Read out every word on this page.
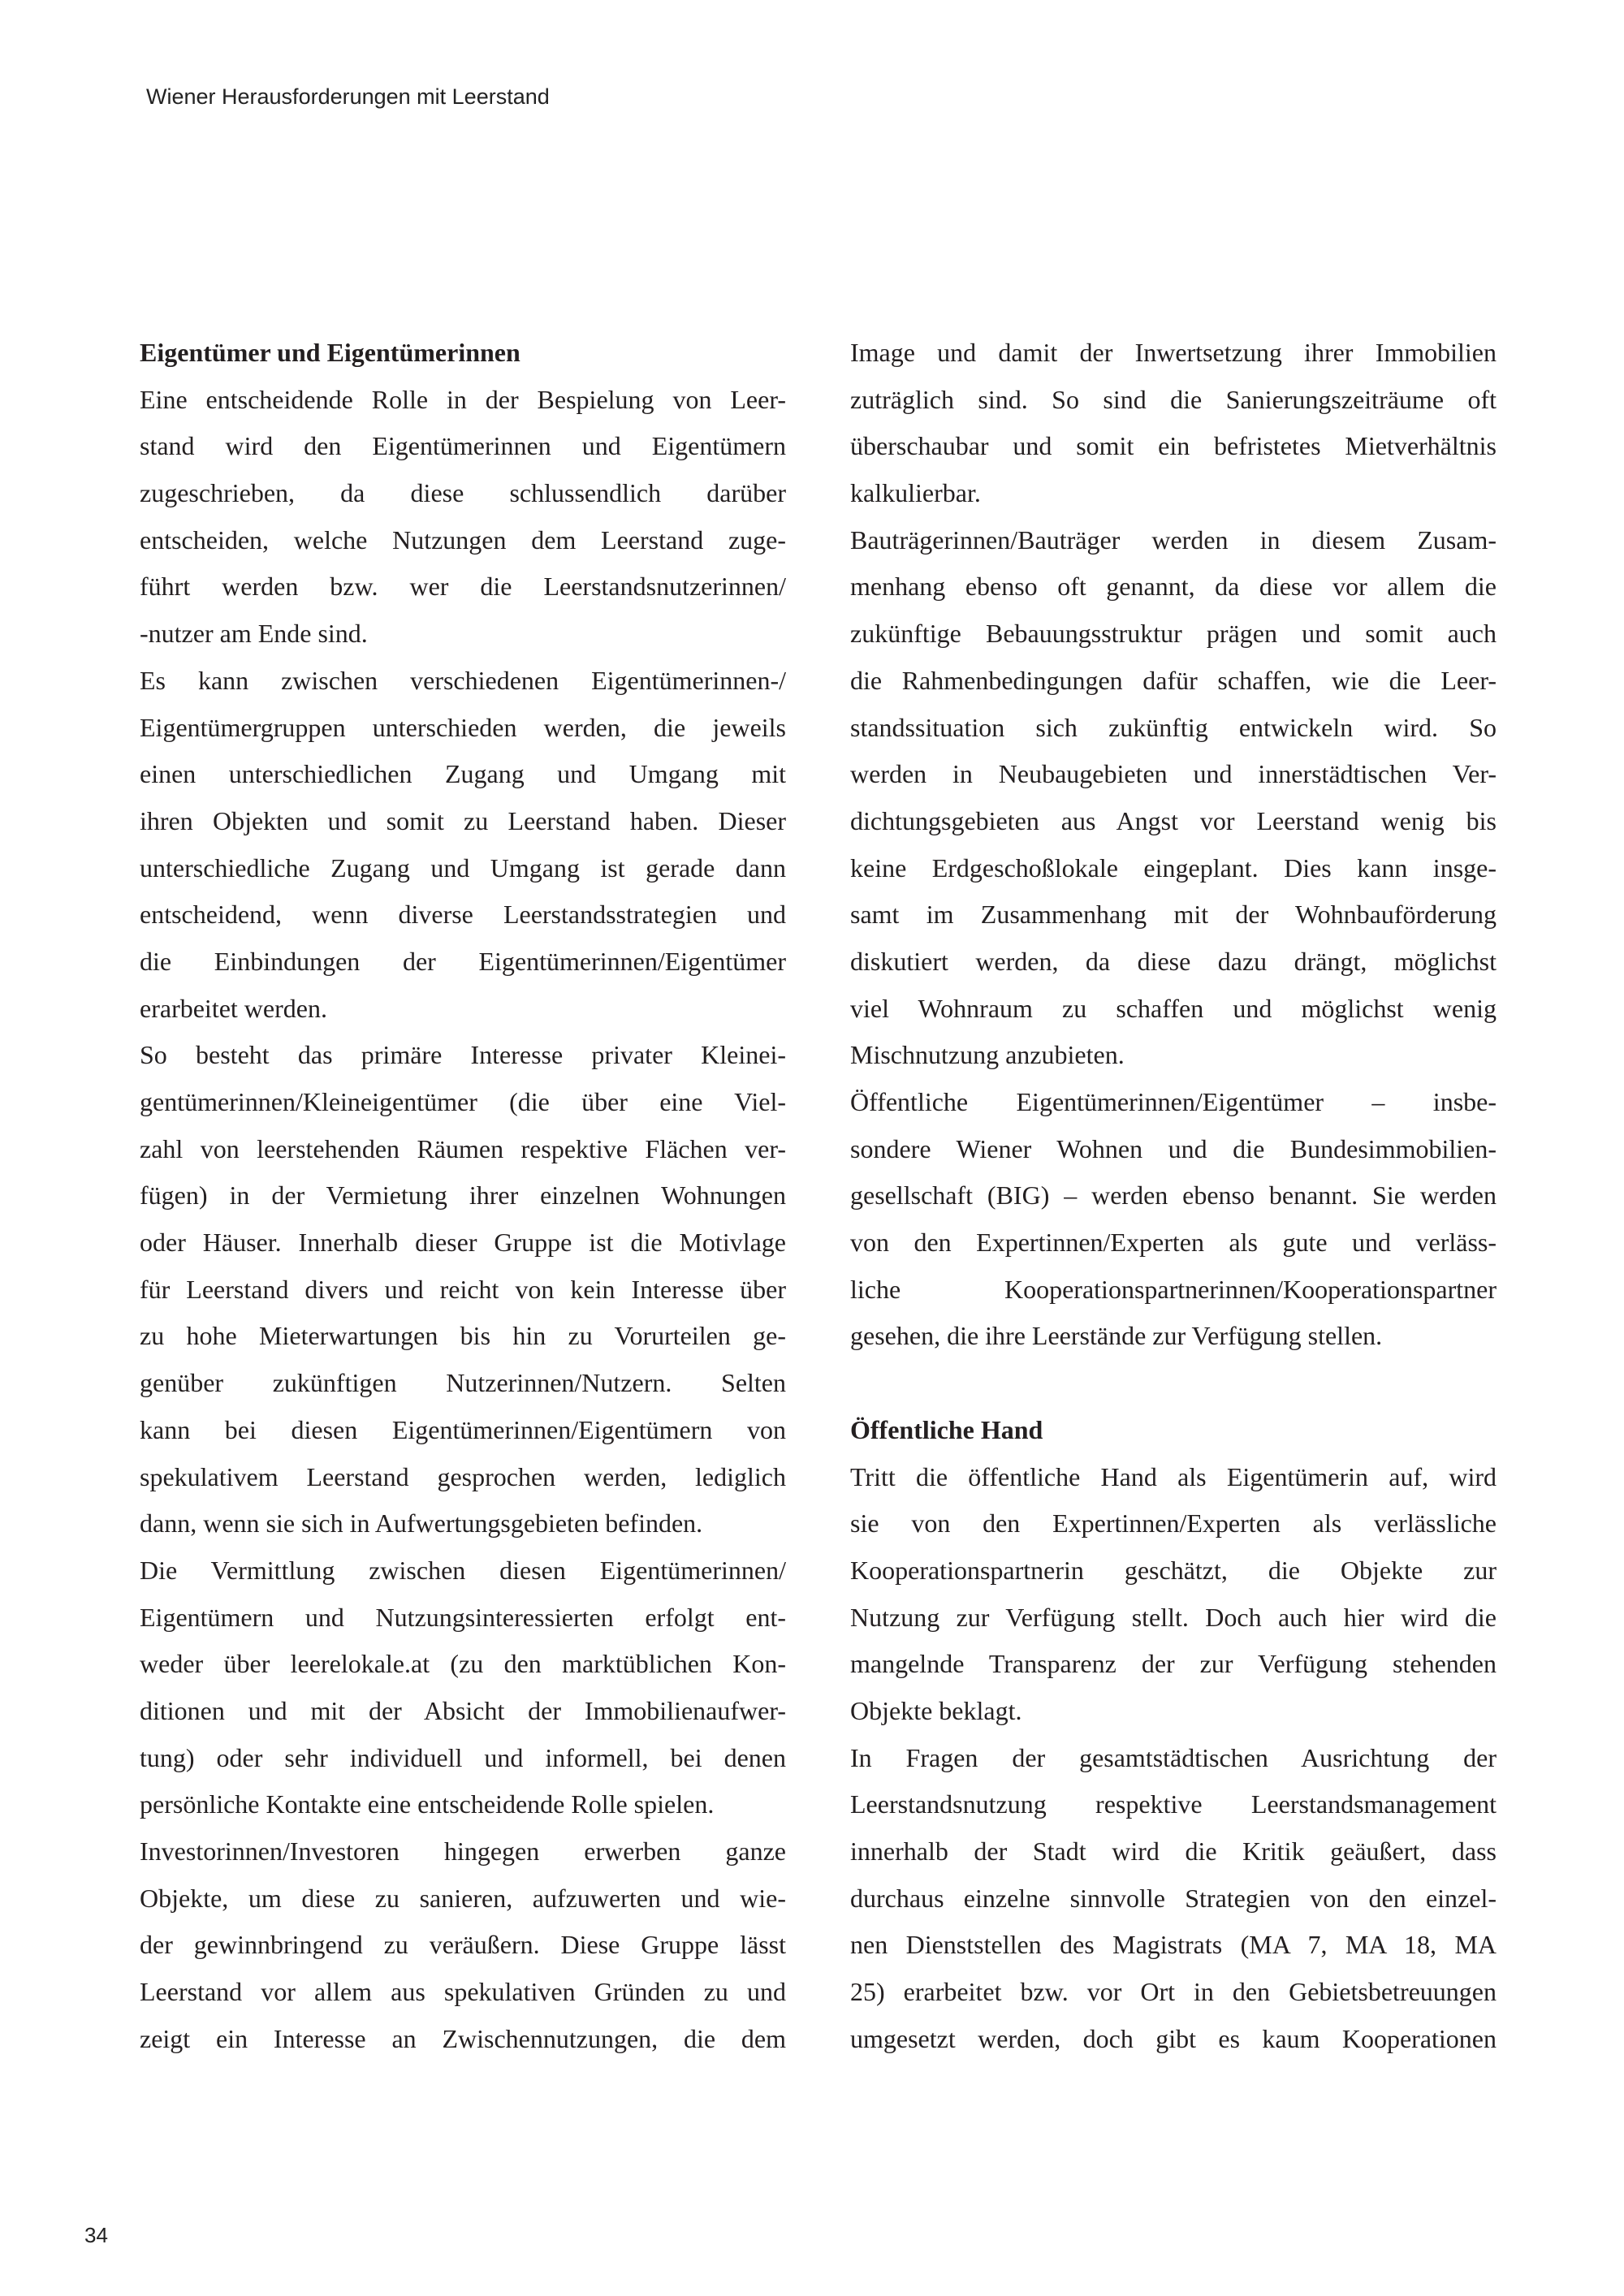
Wiener Herausforderungen mit Leerstand
Eigentümer und Eigentümerinnen
Eine entscheidende Rolle in der Bespielung von Leer-
stand wird den Eigentümerinnen und Eigentümern
zugeschrieben, da diese schlussendlich darüber
entscheiden, welche Nutzungen dem Leerstand zuge-
führt werden bzw. wer die Leerstandsnutzerinnen/
-nutzer am Ende sind.
Es kann zwischen verschiedenen Eigentümerinnen-/
Eigentümergruppen unterschieden werden, die jeweils
einen unterschiedlichen Zugang und Umgang mit
ihren Objekten und somit zu Leerstand haben. Dieser
unterschiedliche Zugang und Umgang ist gerade dann
entscheidend, wenn diverse Leerstandsstrategien und
die Einbindungen der Eigentümerinnen/Eigentümer
erarbeitet werden.
So besteht das primäre Interesse privater Kleinei-
gentümerinnen/Kleineigentümer (die über eine Viel-
zahl von leerstehenden Räumen respektive Flächen ver-
fügen) in der Vermietung ihrer einzelnen Wohnungen
oder Häuser. Innerhalb dieser Gruppe ist die Motivlage
für Leerstand divers und reicht von kein Interesse über
zu hohe Mieterwartungen bis hin zu Vorurteilen ge-
genüber zukünftigen Nutzerinnen/Nutzern. Selten
kann bei diesen Eigentümerinnen/Eigentümern von
spekulativem Leerstand gesprochen werden, lediglich
dann, wenn sie sich in Aufwertungsgebieten befinden.
Die Vermittlung zwischen diesen Eigentümerinnen/
Eigentümern und Nutzungsinteressierten erfolgt ent-
weder über leerelokale.at (zu den marktüblichen Kon-
ditionen und mit der Absicht der Immobilienaufwer-
tung) oder sehr individuell und informell, bei denen
persönliche Kontakte eine entscheidende Rolle spielen.
Investorinnen/Investoren hingegen erwerben ganze
Objekte, um diese zu sanieren, aufzuwerten und wie-
der gewinnbringend zu veräußern. Diese Gruppe lässt
Leerstand vor allem aus spekulativen Gründen zu und
zeigt ein Interesse an Zwischennutzungen, die dem
Image und damit der Inwertsetzung ihrer Immobilien
zuträglich sind. So sind die Sanierungszeiträume oft
überschaubar und somit ein befristetes Mietverhältnis
kalkulierbar.
Bauträgerinnen/Bauträger werden in diesem Zusam-
menhang ebenso oft genannt, da diese vor allem die
zukünftige Bebauungsstruktur prägen und somit auch
die Rahmenbedingungen dafür schaffen, wie die Leer-
standssituation sich zukünftig entwickeln wird. So
werden in Neubaugebieten und innerstädtischen Ver-
dichtungsgebieten aus Angst vor Leerstand wenig bis
keine Erdgeschoßlokale eingeplant. Dies kann insge-
samt im Zusammenhang mit der Wohnbauförderung
diskutiert werden, da diese dazu drängt, möglichst
viel Wohnraum zu schaffen und möglichst wenig
Mischnutzung anzubieten.
Öffentliche Eigentümerinnen/Eigentümer – insbe-
sondere Wiener Wohnen und die Bundesimmobilien-
gesellschaft (BIG) – werden ebenso benannt. Sie werden
von den Expertinnen/Experten als gute und verläss-
liche Kooperationspartnerinnen/Kooperationspartner
gesehen, die ihre Leerstände zur Verfügung stellen.
Öffentliche Hand
Tritt die öffentliche Hand als Eigentümerin auf, wird
sie von den Expertinnen/Experten als verlässliche
Kooperationspartnerin geschätzt, die Objekte zur
Nutzung zur Verfügung stellt. Doch auch hier wird die
mangelnde Transparenz der zur Verfügung stehenden
Objekte beklagt.
In Fragen der gesamtstädtischen Ausrichtung der
Leerstandsnutzung respektive Leerstandsmanagement
innerhalb der Stadt wird die Kritik geäußert, dass
durchaus einzelne sinnvolle Strategien von den einzel-
nen Dienststellen des Magistrats (MA 7, MA 18, MA
25) erarbeitet bzw. vor Ort in den Gebietsbetreuungen
umgesetzt werden, doch gibt es kaum Kooperationen
34
